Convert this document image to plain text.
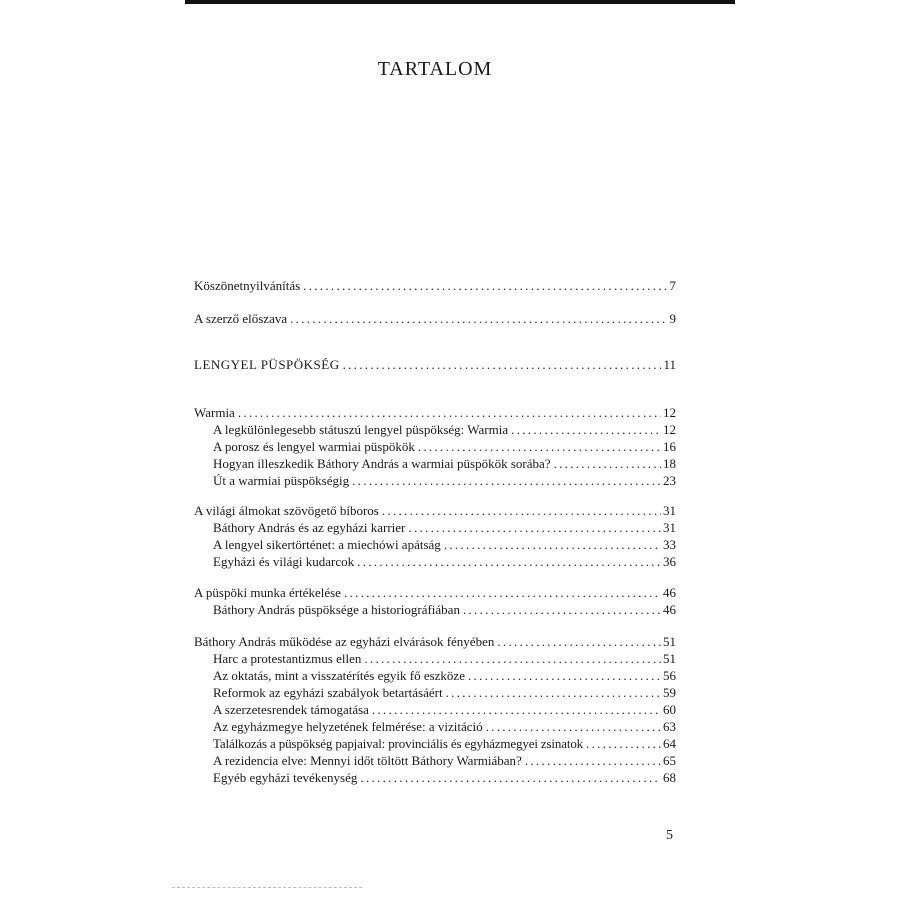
TARTALOM
Köszönetnyilvánítás .....	7
A szerző előszava .....	9
LENGYEL PÜSPÖKSÉG .....	11
Warmia .....	12
A legkülönlegesebb státuszú lengyel püspökség: Warmia .....	12
A porosz és lengyel warmiai püspökök .....	16
Hogyan illeszkedik Báthory András a warmiai püspökök sorába? .....	18
Út a warmiai püspökségig .....	23
A világi álmokat szövögető bíboros .....	31
Báthory András és az egyházi karrier .....	31
A lengyel sikertörténet: a miechówi apátság .....	33
Egyházi és világi kudarcok .....	36
A püspöki munka értékelése .....	46
Báthory András püspöksége a historiográfiában .....	46
Báthory András működése az egyházi elvárások fényében .....	51
Harc a protestantizmus ellen .....	51
Az oktatás, mint a visszatérítés egyik fő eszköze .....	56
Reformok az egyházi szabályok betartásáért .....	59
A szerzetesrendek támogatása .....	60
Az egyházmegye helyzetének felmérése: a vizitáció .....	63
Találkozás a püspökség papjaival: provinciális és egyházmegyei zsinatok .....	64
A rezidencia elve: Mennyi időt töltött Báthory Warmiában? .....	65
Egyéb egyházi tevékenység .....	68
5
